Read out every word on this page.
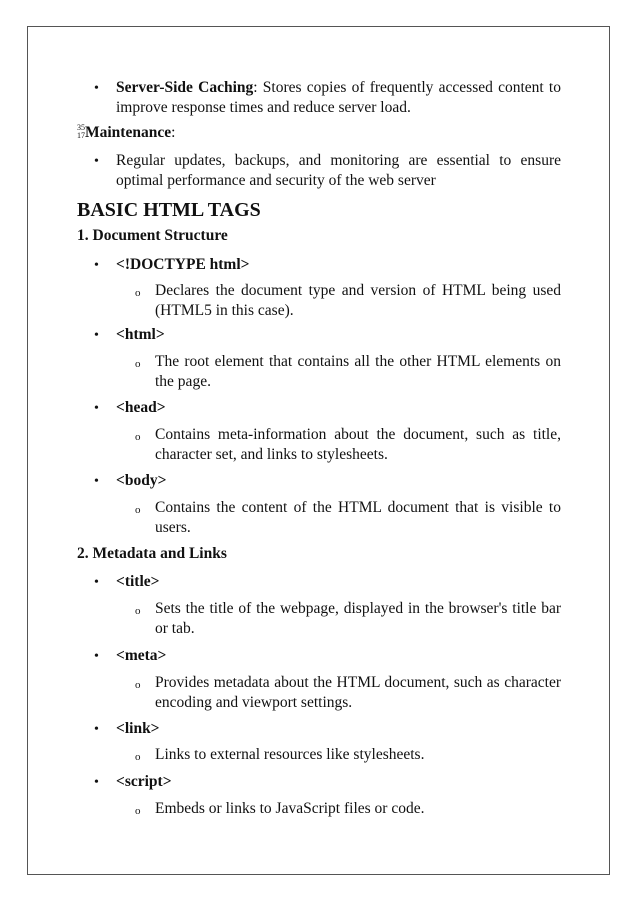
• Server-Side Caching: Stores copies of frequently accessed content to improve response times and reduce server load.
35
17 Maintenance:
• Regular updates, backups, and monitoring are essential to ensure optimal performance and security of the web server
BASIC HTML TAGS
1. Document Structure
• <!DOCTYPE html>
o Declares the document type and version of HTML being used (HTML5 in this case).
• <html>
o The root element that contains all the other HTML elements on the page.
• <head>
o Contains meta-information about the document, such as title, character set, and links to stylesheets.
• <body>
o Contains the content of the HTML document that is visible to users.
2. Metadata and Links
• <title>
o Sets the title of the webpage, displayed in the browser's title bar or tab.
• <meta>
o Provides metadata about the HTML document, such as character encoding and viewport settings.
• <link>
o Links to external resources like stylesheets.
• <script>
o Embeds or links to JavaScript files or code.
